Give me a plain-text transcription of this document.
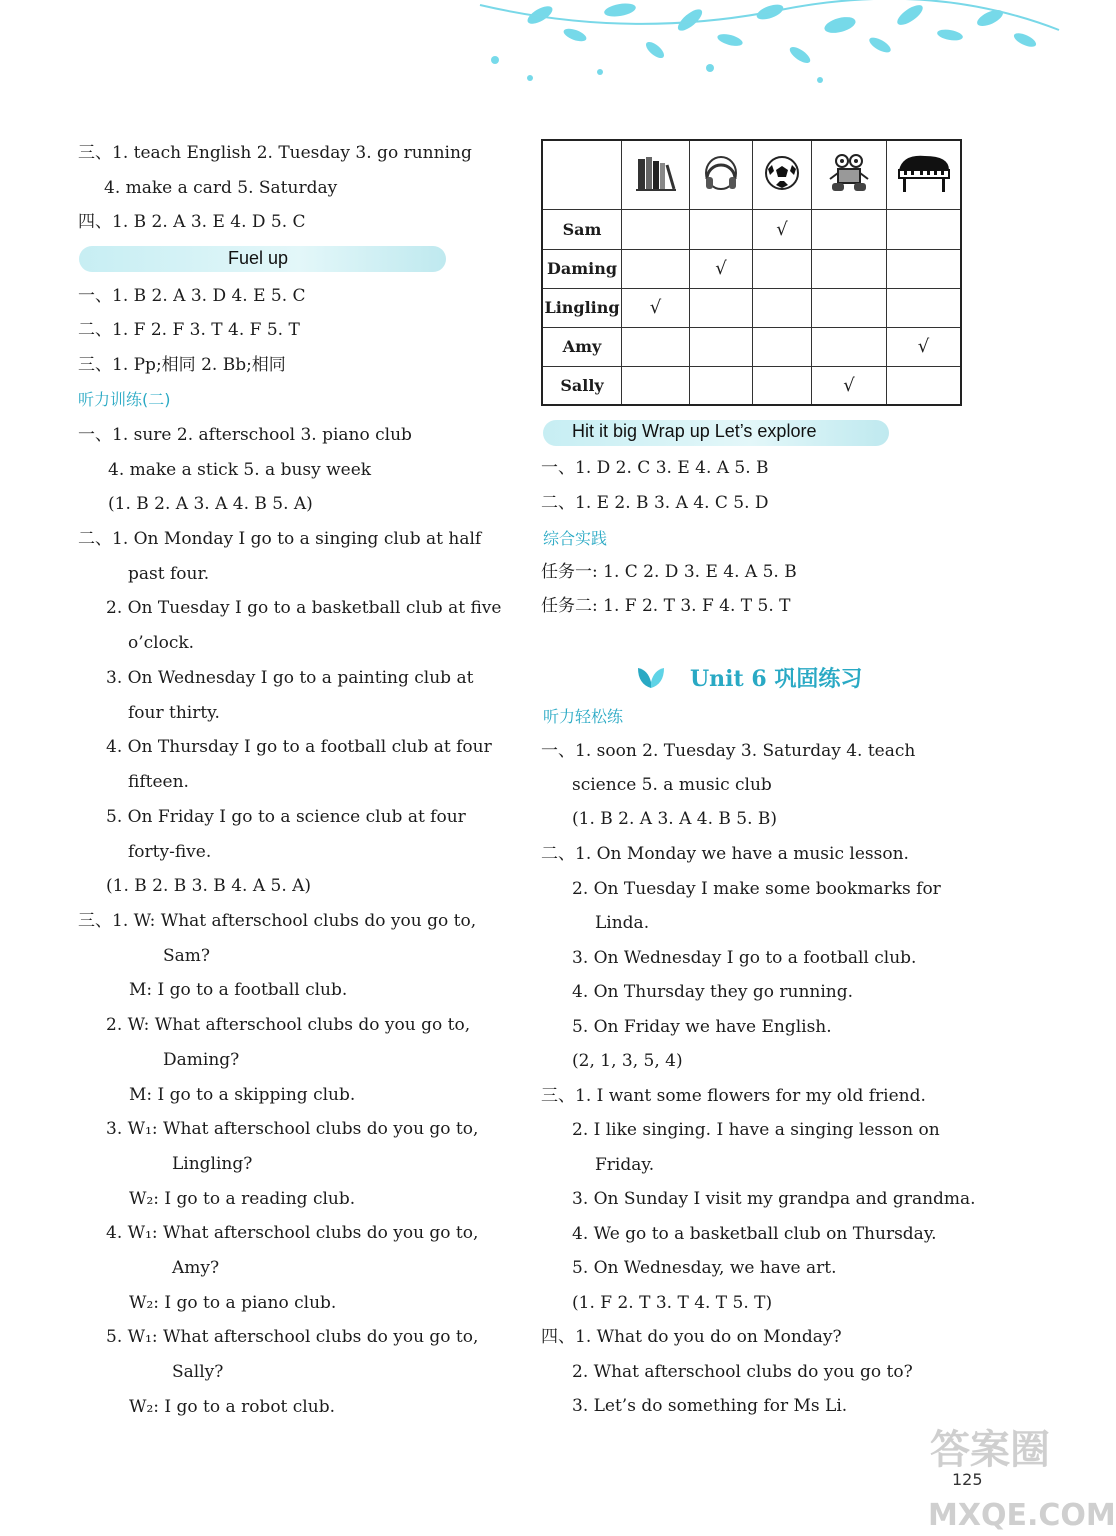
Fuel up
听力训练(二)

Sam			√		
Daming		√			
Lingling	√				
Amy					√
Sally				√	
Hit it big Wrap up Let’s explore
综合实践
Unit 6 巩固练习
听力轻松练
125
答案圈
MXQE.COM
三、1. teach English 2. Tuesday 3. go running
4. make a card 5. Saturday
四、1. B 2. A 3. E 4. D 5. C
一、1. B 2. A 3. D 4. E 5. C
二、1. F 2. F 3. T 4. F 5. T
三、1. Pp;相同 2. Bb;相同
一、1. sure 2. afterschool 3. piano club
4. make a stick 5. a busy week
(1. B 2. A 3. A 4. B 5. A)
二、1. On Monday I go to a singing club at half
past four.
2. On Tuesday I go to a basketball club at five
o’clock.
3. On Wednesday I go to a painting club at
four thirty.
4. On Thursday I go to a football club at four
fifteen.
5. On Friday I go to a science club at four
forty-five.
(1. B 2. B 3. B 4. A 5. A)
三、1. W: What afterschool clubs do you go to,
Sam?
M: I go to a football club.
2. W: What afterschool clubs do you go to,
Daming?
M: I go to a skipping club.
3. W₁: What afterschool clubs do you go to,
Lingling?
W₂: I go to a reading club.
4. W₁: What afterschool clubs do you go to,
Amy?
W₂: I go to a piano club.
5. W₁: What afterschool clubs do you go to,
Sally?
W₂: I go to a robot club.
一、1. D 2. C 3. E 4. A 5. B
二、1. E 2. B 3. A 4. C 5. D
任务一: 1. C 2. D 3. E 4. A 5. B
任务二: 1. F 2. T 3. F 4. T 5. T
一、1. soon 2. Tuesday 3. Saturday 4. teach
science 5. a music club
(1. B 2. A 3. A 4. B 5. B)
二、1. On Monday we have a music lesson.
2. On Tuesday I make some bookmarks for
Linda.
3. On Wednesday I go to a football club.
4. On Thursday they go running.
5. On Friday we have English.
(2, 1, 3, 5, 4)
三、1. I want some flowers for my old friend.
2. I like singing. I have a singing lesson on
Friday.
3. On Sunday I visit my grandpa and grandma.
4. We go to a basketball club on Thursday.
5. On Wednesday, we have art.
(1. F 2. T 3. T 4. T 5. T)
四、1. What do you do on Monday?
2. What afterschool clubs do you go to?
3. Let’s do something for Ms Li.
